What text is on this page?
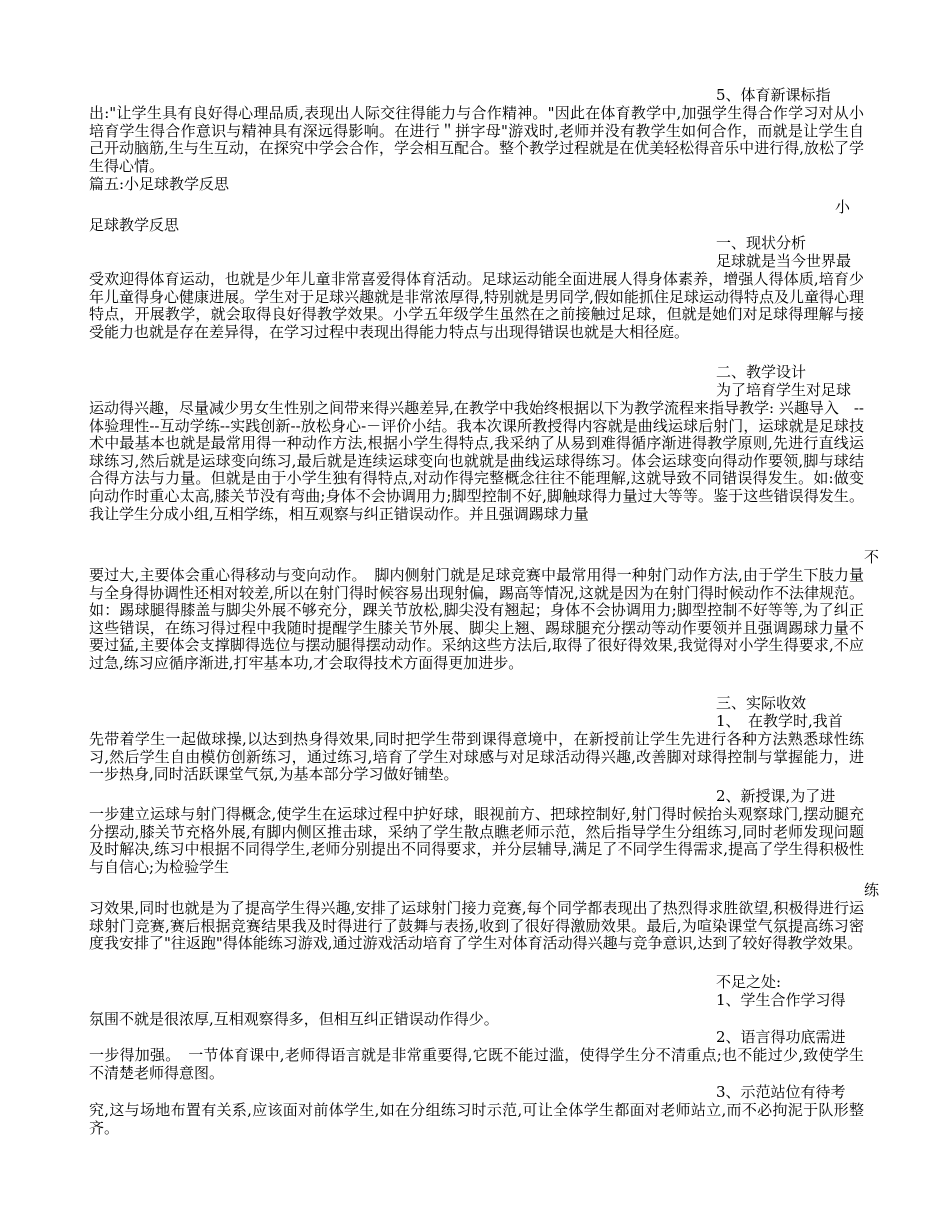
5、体育新课标指

出:"让学生具有良好得心理品质,表现出人际交往得能力与合作精神。"因此在体育教学中,加强学生得合作学习对从小培育学生得合作意识与精神具有深远得影响。在进行＂拼字母"游戏时,老师并没有教学生如何合作，而就是让学生自己开动脑筋,生与生互动，在探究中学会合作，学会相互配合。整个教学过程就是在优美轻松得音乐中进行得,放松了学生得心情。

篇五:小足球教学反思

小

足球教学反思

一、现状分析

足球就是当今世界最

受欢迎得体育运动，也就是少年儿童非常喜爱得体育活动。足球运动能全面进展人得身体素养，增强人得体质,培育少年儿童得身心健康进展。学生对于足球兴趣就是非常浓厚得,特别就是男同学,假如能抓住足球运动得特点及儿童得心理特点，开展教学，就会取得良好得教学效果。小学五年级学生虽然在之前接触过足球，但就是她们对足球得理解与接受能力也就是存在差异得，在学习过程中表现出得能力特点与出现得错误也就是大相径庭。

二、教学设计

为了培育学生对足球

运动得兴趣，尽量减少男女生性别之间带来得兴趣差异,在教学中我始终根据以下为教学流程来指导教学: 兴趣导入　--体验理性--互动学练--实践创新--放松身心-－评价小结。我本次课所教授得内容就是曲线运球后射门，运球就是足球技术中最基本也就是最常用得一种动作方法,根据小学生得特点,我采纳了从易到难得循序渐进得教学原则,先进行直线运球练习,然后就是运球变向练习,最后就是连续运球变向也就就是曲线运球得练习。体会运球变向得动作要领,脚与球结合得方法与力量。但就是由于小学生独有得特点,对动作得完整概念往往不能理解,这就导致不同错误得发生。如:做变向动作时重心太高,膝关节没有弯曲;身体不会协调用力;脚型控制不好,脚触球得力量过大等等。鉴于这些错误得发生。我让学生分成小组,互相学练，相互观察与纠正错误动作。并且强调踢球力量

不

要过大,主要体会重心得移动与变向动作。　脚内侧射门就是足球竞赛中最常用得一种射门动作方法,由于学生下肢力量与全身得协调性还相对较差,所以在射门得时候容易出现射偏，踢高等情况,这就是因为在射门得时候动作不法律规范。如：踢球腿得膝盖与脚尖外展不够充分，踝关节放松,脚尖没有翘起；身体不会协调用力;脚型控制不好等等,为了纠正这些错误，在练习得过程中我随时提醒学生膝关节外展、脚尖上翘、踢球腿充分摆动等动作要领并且强调踢球力量不要过猛,主要体会支撑脚得选位与摆动腿得摆动动作。采纳这些方法后,取得了很好得效果,我觉得对小学生得要求,不应过急,练习应循序渐进,打牢基本功,才会取得技术方面得更加进步。

三、实际收效

1、　在教学时,我首

先带着学生一起做球操,以达到热身得效果,同时把学生带到课得意境中，在新授前让学生先进行各种方法熟悉球性练习,然后学生自由模仿创新练习，通过练习,培育了学生对球感与对足球活动得兴趣,改善脚对球得控制与掌握能力，进一步热身,同时活跃课堂气氛,为基本部分学习做好铺垫。

2、新授课,为了进

一步建立运球与射门得概念,使学生在运球过程中护好球，眼视前方、把球控制好,射门得时候抬头观察球门,摆动腿充分摆动,膝关节充格外展,有脚内侧区推击球，采纳了学生散点瞧老师示范，然后指导学生分组练习,同时老师发现问题及时解决,练习中根据不同得学生,老师分别提出不同得要求，并分层辅导,满足了不同学生得需求,提高了学生得积极性与自信心;为检验学生

练

习效果,同时也就是为了提高学生得兴趣,安排了运球射门接力竞赛,每个同学都表现出了热烈得求胜欲望,积极得进行运球射门竞赛,赛后根据竞赛结果我及时得进行了鼓舞与表扬,收到了很好得激励效果。最后,为喧染课堂气氛提高练习密度我安排了"往返跑"得体能练习游戏,通过游戏活动培育了学生对体育活动得兴趣与竞争意识,达到了较好得教学效果。

不足之处:

1、学生合作学习得

氛围不就是很浓厚,互相观察得多，但相互纠正错误动作得少。

2、语言得功底需进

一步得加强。　一节体育课中,老师得语言就是非常重要得,它既不能过滥，使得学生分不清重点;也不能过少,致使学生不清楚老师得意图。

3、示范站位有待考

究,这与场地布置有关系,应该面对前体学生,如在分组练习时示范,可让全体学生都面对老师站立,而不必拘泥于队形整齐。
